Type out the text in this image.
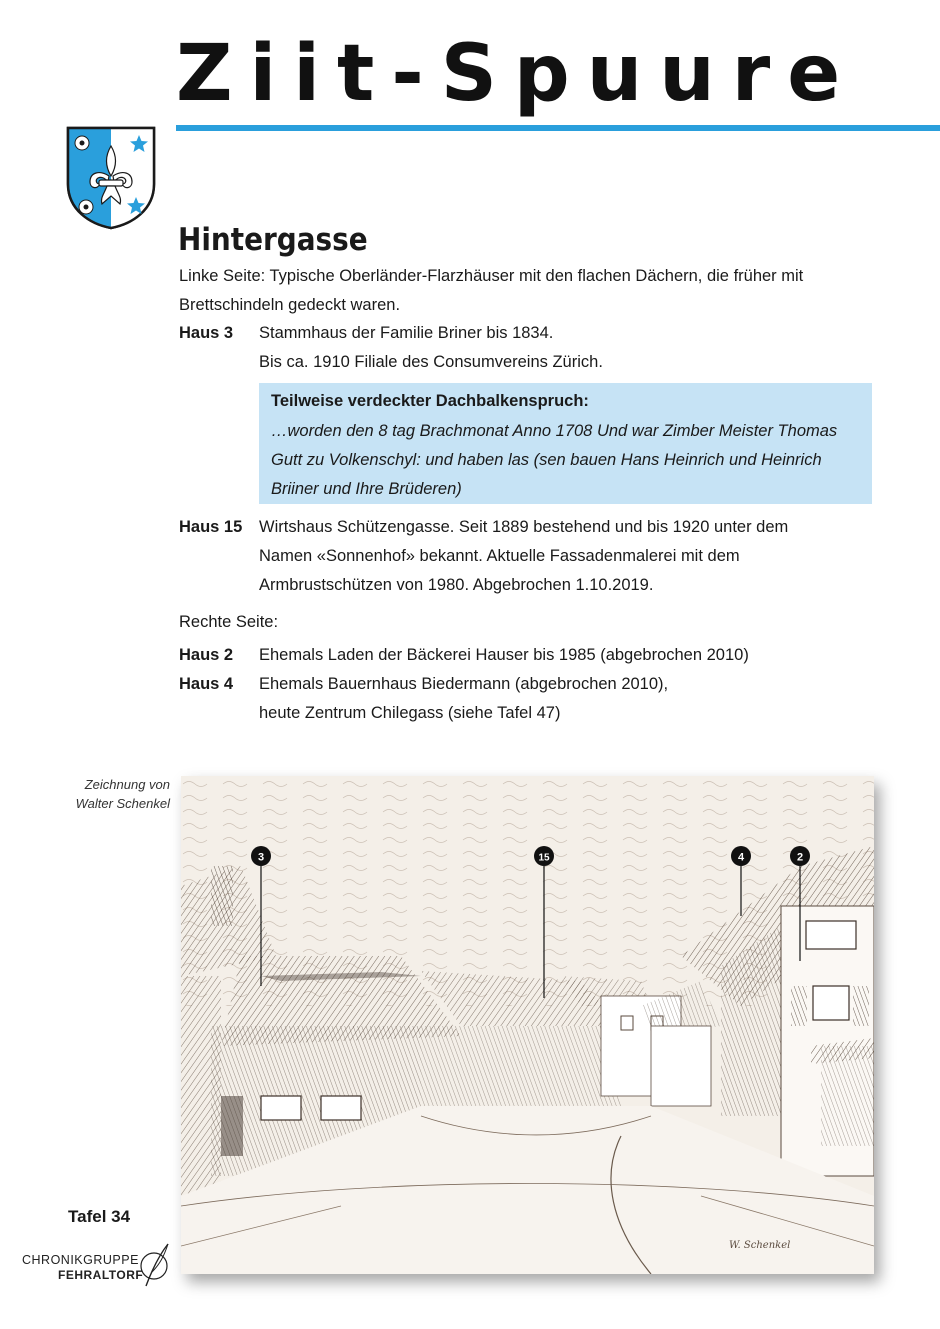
Ziit-Spuure
Hintergasse
Linke Seite: Typische Oberländer-Flarzhäuser mit den flachen Dächern, die früher mit
Brettschindeln gedeckt waren.
Haus 3 Stammhaus der Familie Briner bis 1834.
Bis ca. 1910 Filiale des Consumvereins Zürich.
Teilweise verdeckter Dachbalkenspruch:
…worden den 8 tag Brachmonat Anno 1708 Und war Zimber Meister Thomas
Gutt zu Volkenschyl: und haben las (sen bauen Hans Heinrich und Heinrich
Briiner und Ihre Brüderen)
Haus 15 Wirtshaus Schützengasse. Seit 1889 bestehend und bis 1920 unter dem
Namen «Sonnenhof» bekannt. Aktuelle Fassadenmalerei mit dem
Armbrustschützen von 1980. Abgebrochen 1.10.2019.
Rechte Seite:
Haus 2 Ehemals Laden der Bäckerei Hauser bis 1985 (abgebrochen 2010)
Haus 4 Ehemals Bauernhaus Biedermann (abgebrochen 2010),
heute Zentrum Chilegass (siehe Tafel 47)
Zeichnung von
Walter Schenkel
3	15	4	2
W. Schenkel
Tafel 34
CHRONIKGRUPPE
FEHRALTORF
